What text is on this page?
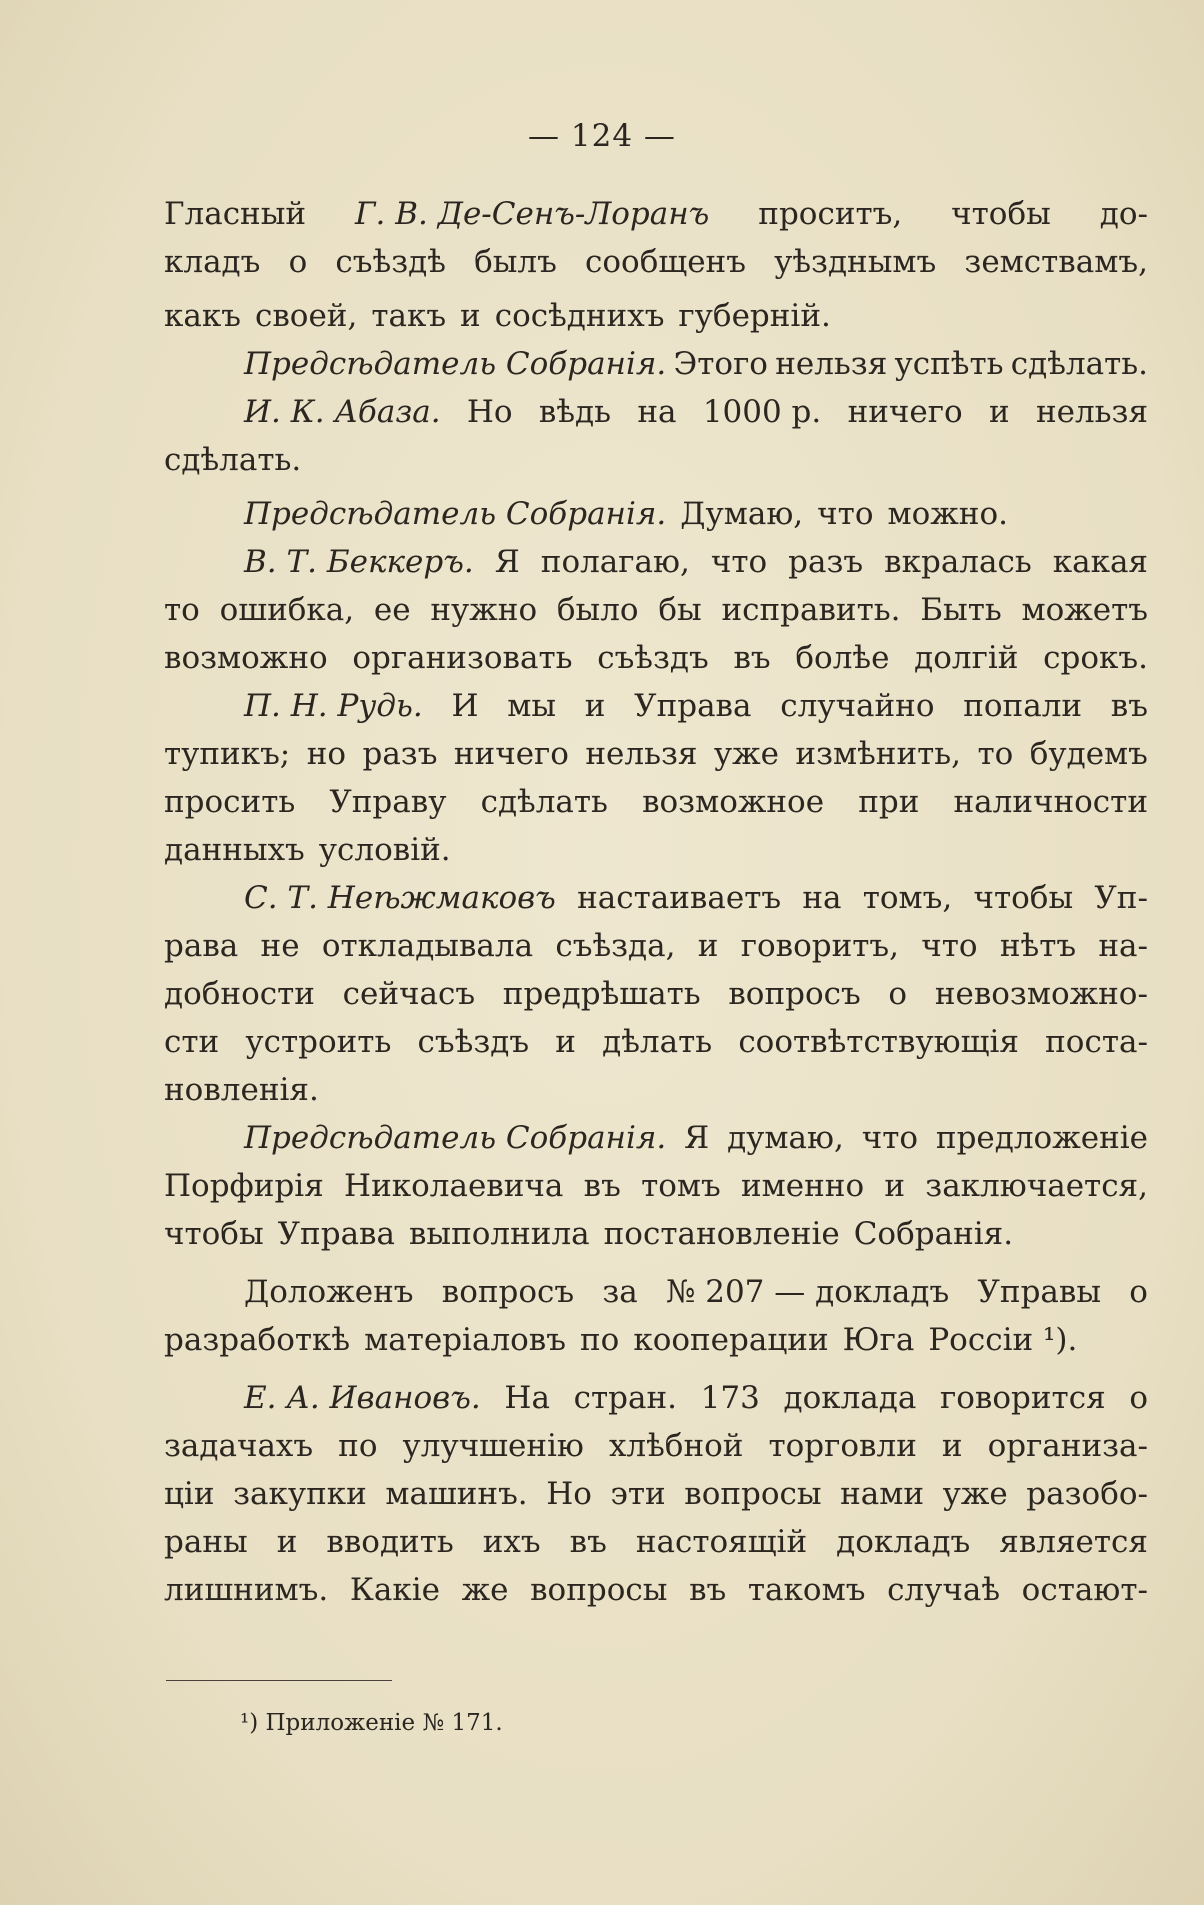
— 124 —
Гласный Г. В. Де-Сенъ-Лоранъ проситъ, чтобы до-
кладъ о съѣздѣ былъ сообщенъ уѣзднымъ земствамъ,
какъ своей, такъ и сосѣднихъ губерній.
Предсѣдатель Собранія. Этого нельзя успѣть сдѣлать.
И. К. Абаза. Но вѣдь на 1000 р. ничего и нельзя
сдѣлать.
Предсѣдатель Собранія. Думаю, что можно.
В. Т. Беккеръ. Я полагаю, что разъ вкралась какая
то ошибка, ее нужно было бы исправить. Быть можетъ
возможно организовать съѣздъ въ болѣе долгій срокъ.
П. Н. Рудь. И мы и Управа случайно попали въ
тупикъ; но разъ ничего нельзя уже измѣнить, то будемъ
просить Управу сдѣлать возможное при наличности
данныхъ условій.
С. Т. Неѣжмаковъ настаиваетъ на томъ, чтобы Уп-
рава не откладывала съѣзда, и говоритъ, что нѣтъ на-
добности сейчасъ предрѣшать вопросъ о невозможно-
сти устроить съѣздъ и дѣлать соотвѣтствующія поста-
новленія.
Предсѣдатель Собранія. Я думаю, что предложеніе
Порфирія Николаевича въ томъ именно и заключается,
чтобы Управа выполнила постановленіе Собранія.
Доложенъ вопросъ за № 207 — докладъ Управы о
разработкѣ матеріаловъ по кооперации Юга Россіи ¹).
Е. А. Ивановъ. На стран. 173 доклада говорится о
задачахъ по улучшенію хлѣбной торговли и организа-
ціи закупки машинъ. Но эти вопросы нами уже разобо-
раны и вводить ихъ въ настоящій докладъ является
лишнимъ. Какіе же вопросы въ такомъ случаѣ остают-
¹) Приложеніе № 171.
